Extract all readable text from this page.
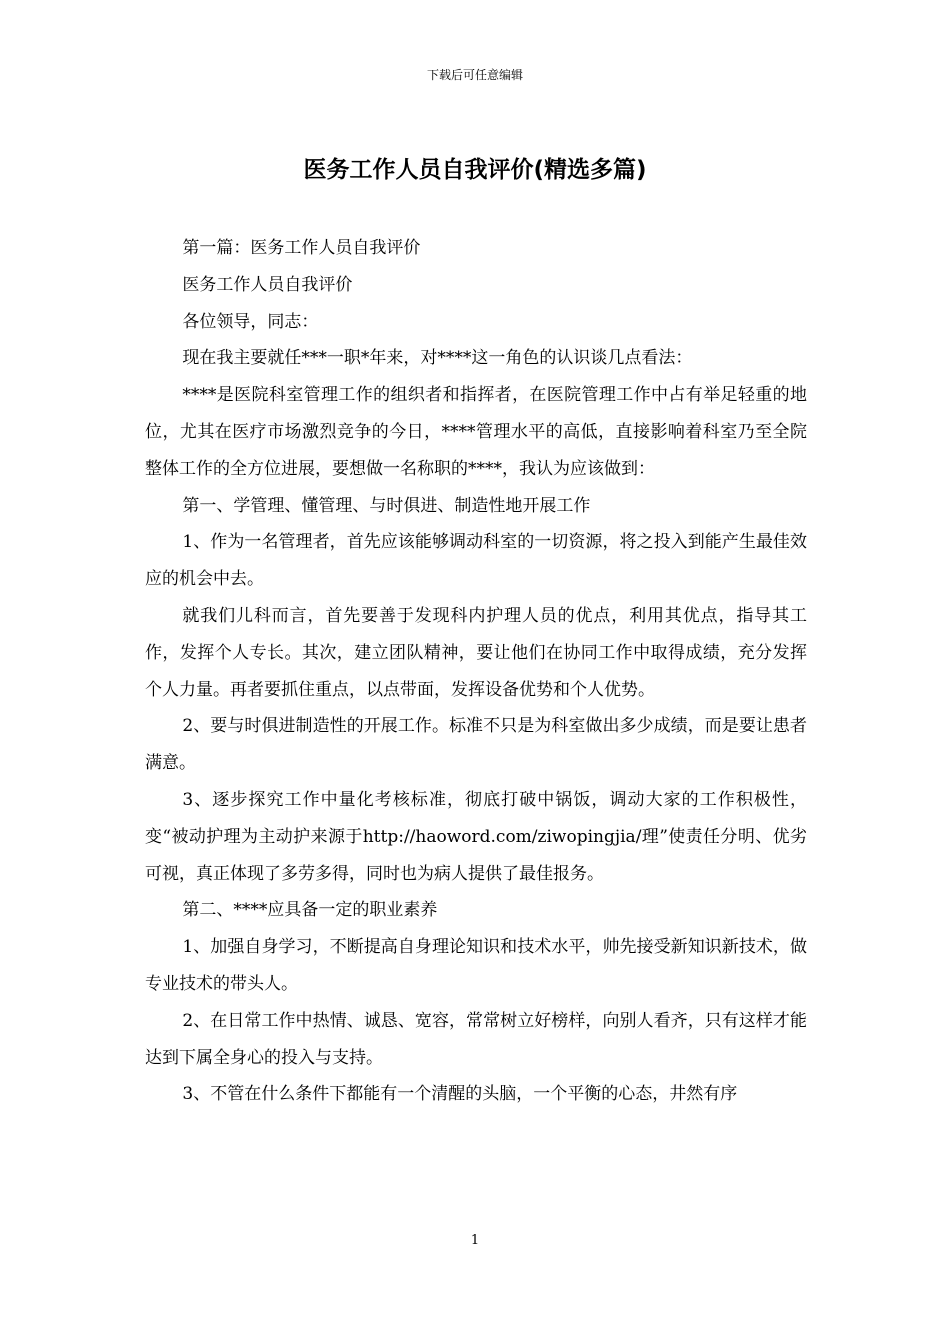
下载后可任意编辑
医务工作人员自我评价(精选多篇)

第一篇：医务工作人员自我评价

医务工作人员自我评价

各位领导，同志：

现在我主要就任***一职*年来，对****这一角色的认识谈几点看法：

****是医院科室管理工作的组织者和指挥者，在医院管理工作中占有举足轻重的地位，尤其在医疗市场激烈竞争的今日，****管理水平的高低，直接影响着科室乃至全院整体工作的全方位进展，要想做一名称职的****，我认为应该做到：

第一、学管理、懂管理、与时俱进、制造性地开展工作

1、作为一名管理者，首先应该能够调动科室的一切资源，将之投入到能产生最佳效应的机会中去。

就我们儿科而言，首先要善于发现科内护理人员的优点，利用其优点，指导其工作，发挥个人专长。其次，建立团队精神，要让他们在协同工作中取得成绩，充分发挥个人力量。再者要抓住重点，以点带面，发挥设备优势和个人优势。

2、要与时俱进制造性的开展工作。标准不只是为科室做出多少成绩，而是要让患者满意。

3、逐步探究工作中量化考核标准，彻底打破中锅饭，调动大家的工作积极性，变“被动护理为主动护来源于http://haoword.com/ziwopingjia/理”使责任分明、优劣可视，真正体现了多劳多得，同时也为病人提供了最佳报务。

第二、****应具备一定的职业素养

1、加强自身学习，不断提高自身理论知识和技术水平，帅先接受新知识新技术，做专业技术的带头人。

2、在日常工作中热情、诚恳、宽容，常常树立好榜样，向别人看齐，只有这样才能达到下属全身心的投入与支持。

3、不管在什么条件下都能有一个清醒的头脑，一个平衡的心态，井然有序

1
